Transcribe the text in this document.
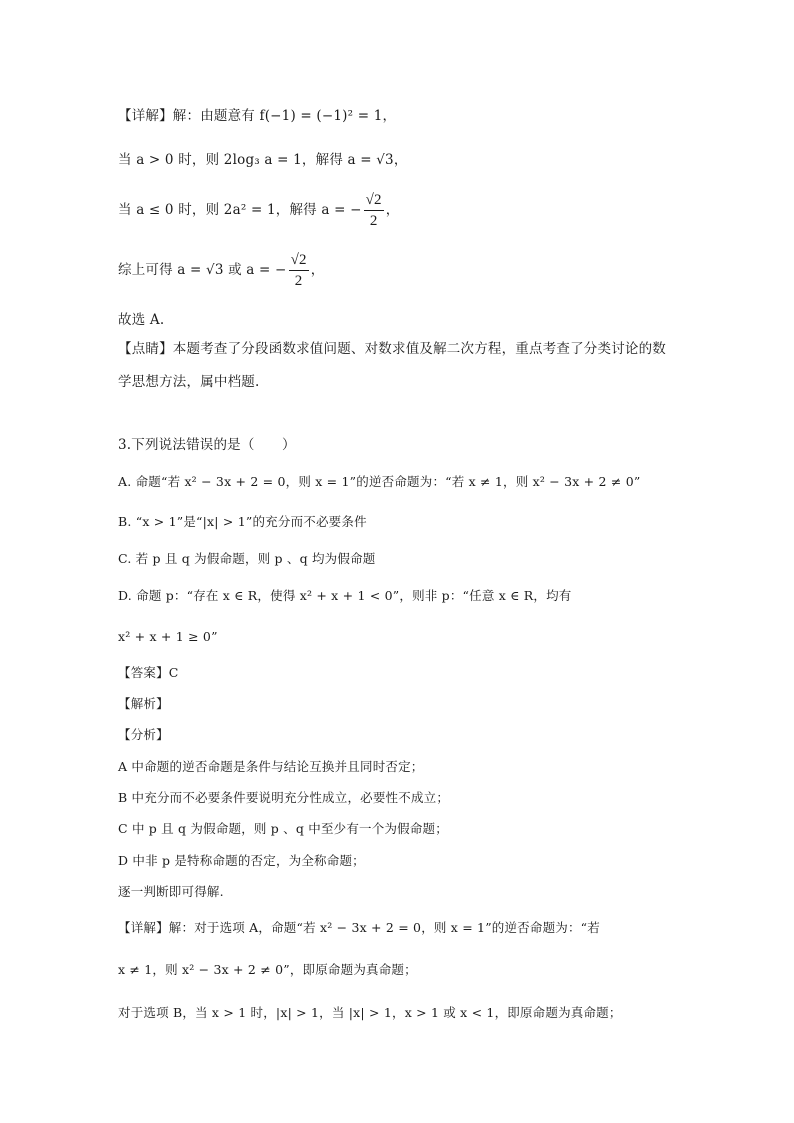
【详解】解：由题意有 f(−1) = (−1)² = 1，
当 a > 0 时，则 2log₃ a = 1，解得 a = √3，
当 a ≤ 0 时，则 2a² = 1，解得 a = − $\frac{√2}{2}$ ，
综上可得 a = √3 或 a = − $\frac{√2}{2}$ ，
故选 A.
【点睛】本题考查了分段函数求值问题、对数求值及解二次方程，重点考查了分类讨论的数
学思想方法，属中档题.
3.下列说法错误的是（　　）
A. 命题“若 x² − 3x + 2 = 0，则 x = 1”的逆否命题为：“若 x ≠ 1，则 x² − 3x + 2 ≠ 0”
B. “x > 1”是“|x| > 1”的充分而不必要条件
C. 若 p 且 q 为假命题，则 p 、q 均为假命题
D. 命题 p：“存在 x ∈ R，使得 x² + x + 1 < 0”，则非 p：“任意 x ∈ R，均有
x² + x + 1 ≥ 0”
【答案】C
【解析】
【分析】
A 中命题的逆否命题是条件与结论互换并且同时否定；
B 中充分而不必要条件要说明充分性成立，必要性不成立；
C 中 p 且 q 为假命题，则 p 、q 中至少有一个为假命题；
D 中非 p 是特称命题的否定，为全称命题；
逐一判断即可得解.
【详解】解：对于选项 A，命题“若 x² − 3x + 2 = 0，则 x = 1”的逆否命题为：“若
x ≠ 1，则 x² − 3x + 2 ≠ 0”，即原命题为真命题；
对于选项 B，当 x > 1 时，|x| > 1，当 |x| > 1，x > 1 或 x < 1，即原命题为真命题；
